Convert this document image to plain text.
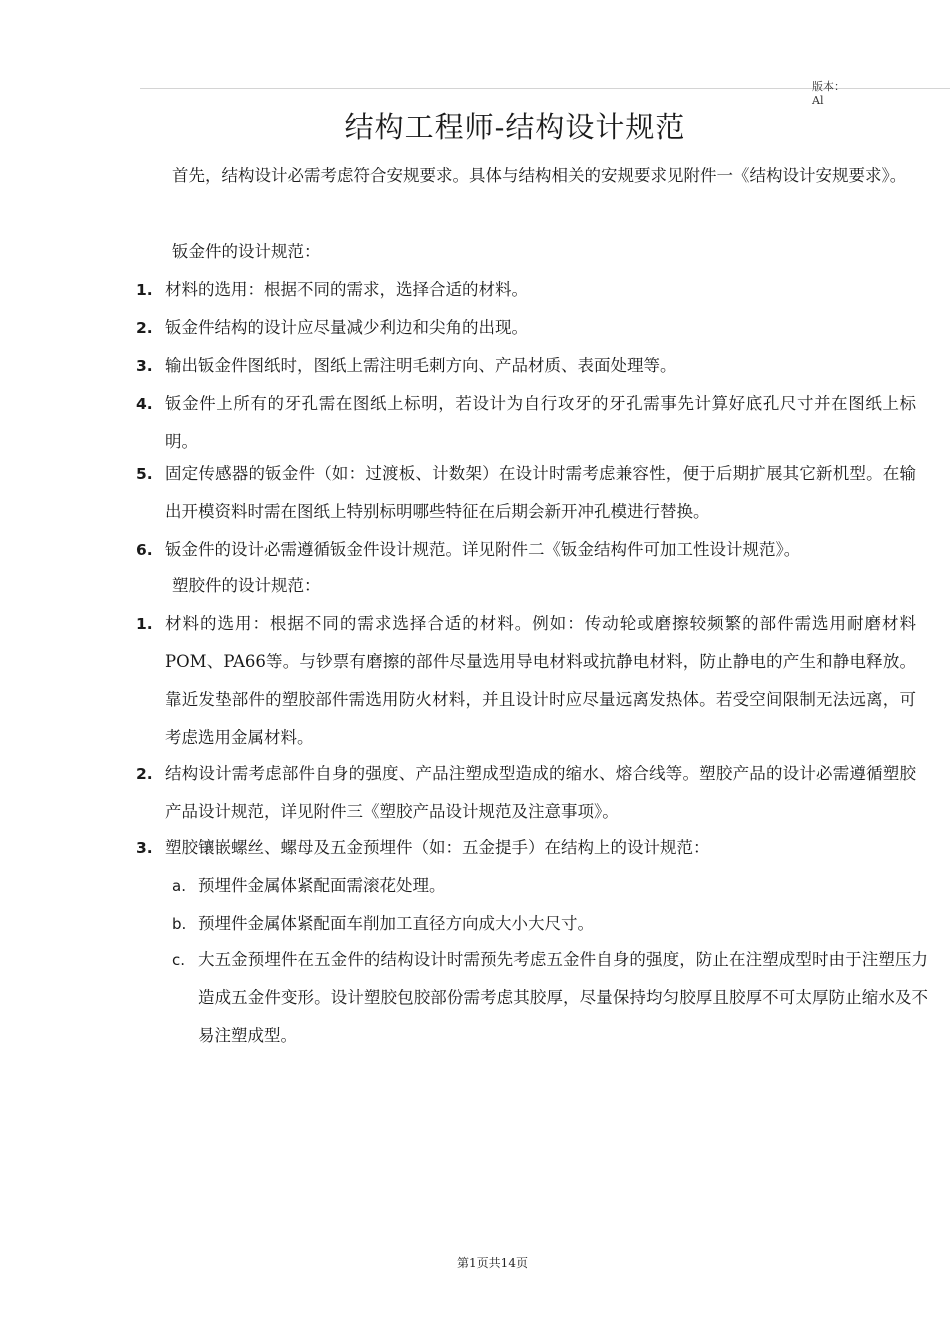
版本：
Al
结构工程师-结构设计规范
首先，结构设计必需考虑符合安规要求。具体与结构相关的安规要求见附件一《结构设计安规要求》。
钣金件的设计规范：
1. 材料的选用：根据不同的需求，选择合适的材料。
2. 钣金件结构的设计应尽量减少利边和尖角的出现。
3. 输出钣金件图纸时，图纸上需注明毛刺方向、产品材质、表面处理等。
4. 钣金件上所有的牙孔需在图纸上标明，若设计为自行攻牙的牙孔需事先计算好底孔尺寸并在图纸上标明。
5. 固定传感器的钣金件（如：过渡板、计数架）在设计时需考虑兼容性，便于后期扩展其它新机型。在输出开模资料时需在图纸上特别标明哪些特征在后期会新开冲孔模进行替换。
6. 钣金件的设计必需遵循钣金件设计规范。详见附件二《钣金结构件可加工性设计规范》。
塑胶件的设计规范：
1. 材料的选用：根据不同的需求选择合适的材料。例如：传动轮或磨擦较频繁的部件需选用耐磨材料POM、PA66等。与钞票有磨擦的部件尽量选用导电材料或抗静电材料，防止静电的产生和静电释放。靠近发垫部件的塑胶部件需选用防火材料，并且设计时应尽量远离发热体。若受空间限制无法远离，可考虑选用金属材料。
2. 结构设计需考虑部件自身的强度、产品注塑成型造成的缩水、熔合线等。塑胶产品的设计必需遵循塑胶产品设计规范，详见附件三《塑胶产品设计规范及注意事项》。
3. 塑胶镶嵌螺丝、螺母及五金预埋件（如：五金提手）在结构上的设计规范：
a. 预埋件金属体紧配面需滚花处理。
b. 预埋件金属体紧配面车削加工直径方向成大小大尺寸。
c. 大五金预埋件在五金件的结构设计时需预先考虑五金件自身的强度，防止在注塑成型时由于注塑压力造成五金件变形。设计塑胶包胶部份需考虑其胶厚，尽量保持均匀胶厚且胶厚不可太厚防止缩水及不易注塑成型。
第1页共14页
